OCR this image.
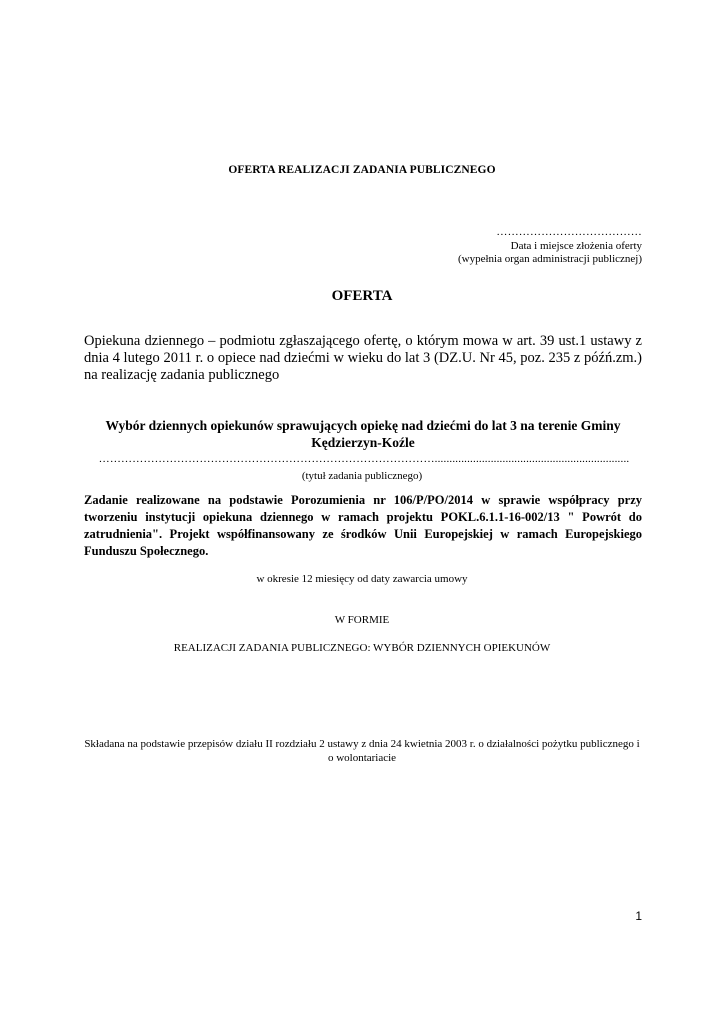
OFERTA REALIZACJI ZADANIA PUBLICZNEGO
…………………………………
Data i miejsce złożenia oferty
(wypełnia organ administracji publicznej)
OFERTA
Opiekuna dziennego – podmiotu zgłaszającego ofertę, o którym mowa w art. 39 ust.1 ustawy z dnia 4 lutego 2011 r. o opiece nad dziećmi w wieku do lat 3 (DZ.U. Nr 45, poz. 235 z późń.zm.) na realizację zadania publicznego
Wybór dziennych opiekunów sprawujących opiekę nad dziećmi do lat 3 na terenie Gminy Kędzierzyn-Koźle
………………………………………………………………………………..................................................................
(tytuł zadania publicznego)
Zadanie realizowane na podstawie Porozumienia nr 106/P/PO/2014 w sprawie współpracy przy tworzeniu instytucji opiekuna dziennego w ramach projektu POKL.6.1.1-16-002/13 " Powrót do zatrudnienia". Projekt współfinansowany ze środków Unii Europejskiej w ramach Europejskiego Funduszu Społecznego.
w okresie 12 miesięcy od daty zawarcia umowy
W FORMIE
REALIZACJI ZADANIA PUBLICZNEGO: WYBÓR DZIENNYCH OPIEKUNÓW
Składana na podstawie przepisów działu II rozdziału 2 ustawy z dnia 24 kwietnia 2003 r. o działalności pożytku publicznego i o wolontariacie
1
